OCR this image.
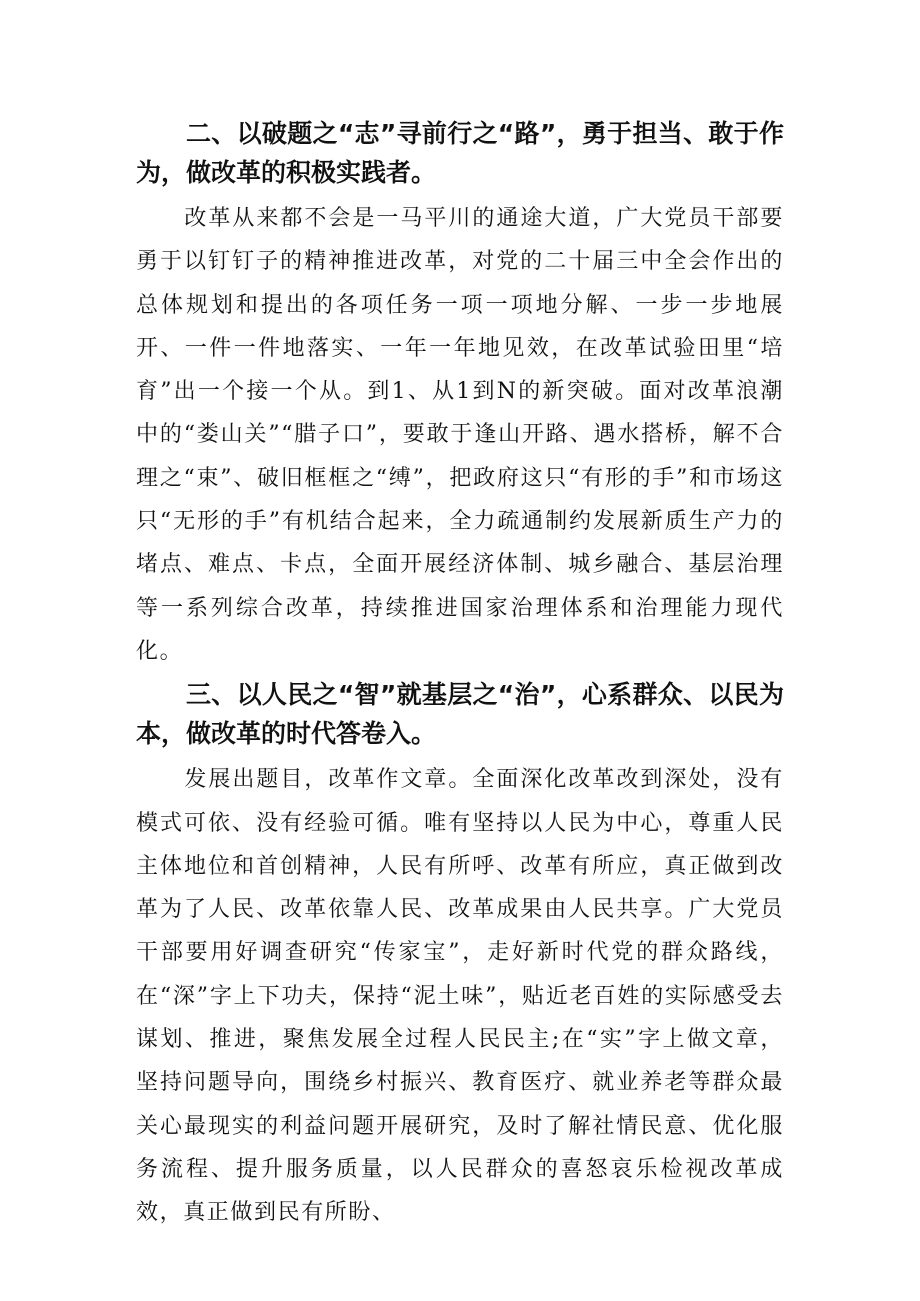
二、以破题之“志”寻前行之“路”，勇于担当、敢于作为，做改革的积极实践者。

改革从来都不会是一马平川的通途大道，广大党员干部要勇于以钉钉子的精神推进改革，对党的二十届三中全会作出的总体规划和提出的各项任务一项一项地分解、一步一步地展开、一件一件地落实、一年一年地见效，在改革试验田里“培育”出一个接一个从。到1、从1到N的新突破。面对改革浪潮中的“娄山关”“腊子口”，要敢于逢山开路、遇水搭桥，解不合理之“束”、破旧框框之“缚”，把政府这只“有形的手”和市场这只“无形的手”有机结合起来，全力疏通制约发展新质生产力的堵点、难点、卡点，全面开展经济体制、城乡融合、基层治理等一系列综合改革，持续推进国家治理体系和治理能力现代化。

三、以人民之“智”就基层之“治”，心系群众、以民为本，做改革的时代答卷入。

发展出题目，改革作文章。全面深化改革改到深处，没有模式可依、没有经验可循。唯有坚持以人民为中心，尊重人民主体地位和首创精神，人民有所呼、改革有所应，真正做到改革为了人民、改革依靠人民、改革成果由人民共享。广大党员干部要用好调查研究“传家宝”，走好新时代党的群众路线，在“深”字上下功夫，保持“泥土味”，贴近老百姓的实际感受去谋划、推进，聚焦发展全过程人民民主;在“实”字上做文章，坚持问题导向，围绕乡村振兴、教育医疗、就业养老等群众最关心最现实的利益问题开展研究，及时了解社情民意、优化服务流程、提升服务质量，以人民群众的喜怒哀乐检视改革成效，真正做到民有所盼、
